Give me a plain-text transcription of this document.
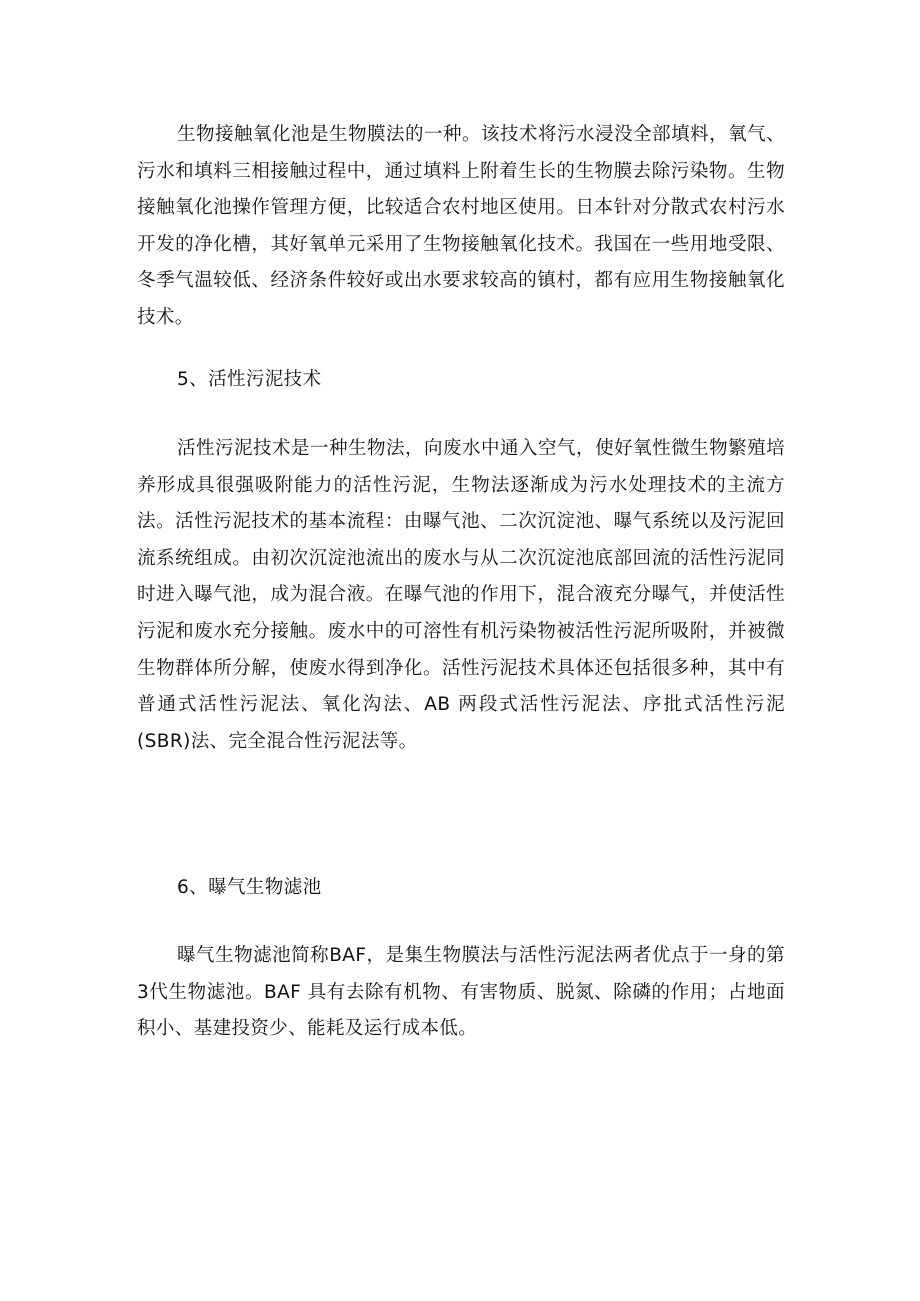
生物接触氧化池是生物膜法的一种。该技术将污水浸没全部填料，氧气、污水和填料三相接触过程中，通过填料上附着生长的生物膜去除污染物。生物接触氧化池操作管理方便，比较适合农村地区使用。日本针对分散式农村污水开发的净化槽，其好氧单元采用了生物接触氧化技术。我国在一些用地受限、冬季气温较低、经济条件较好或出水要求较高的镇村，都有应用生物接触氧化技术。

5、活性污泥技术

活性污泥技术是一种生物法，向废水中通入空气，使好氧性微生物繁殖培养形成具很强吸附能力的活性污泥，生物法逐渐成为污水处理技术的主流方法。活性污泥技术的基本流程：由曝气池、二次沉淀池、曝气系统以及污泥回流系统组成。由初次沉淀池流出的废水与从二次沉淀池底部回流的活性污泥同时进入曝气池，成为混合液。在曝气池的作用下，混合液充分曝气，并使活性污泥和废水充分接触。废水中的可溶性有机污染物被活性污泥所吸附，并被微生物群体所分解，使废水得到净化。活性污泥技术具体还包括很多种，其中有普通式活性污泥法、氧化沟法、AB 两段式活性污泥法、序批式活性污泥(SBR)法、完全混合性污泥法等。

6、曝气生物滤池

曝气生物滤池简称BAF，是集生物膜法与活性污泥法两者优点于一身的第3代生物滤池。BAF 具有去除有机物、有害物质、脱氮、除磷的作用；占地面积小、基建投资少、能耗及运行成本低。
